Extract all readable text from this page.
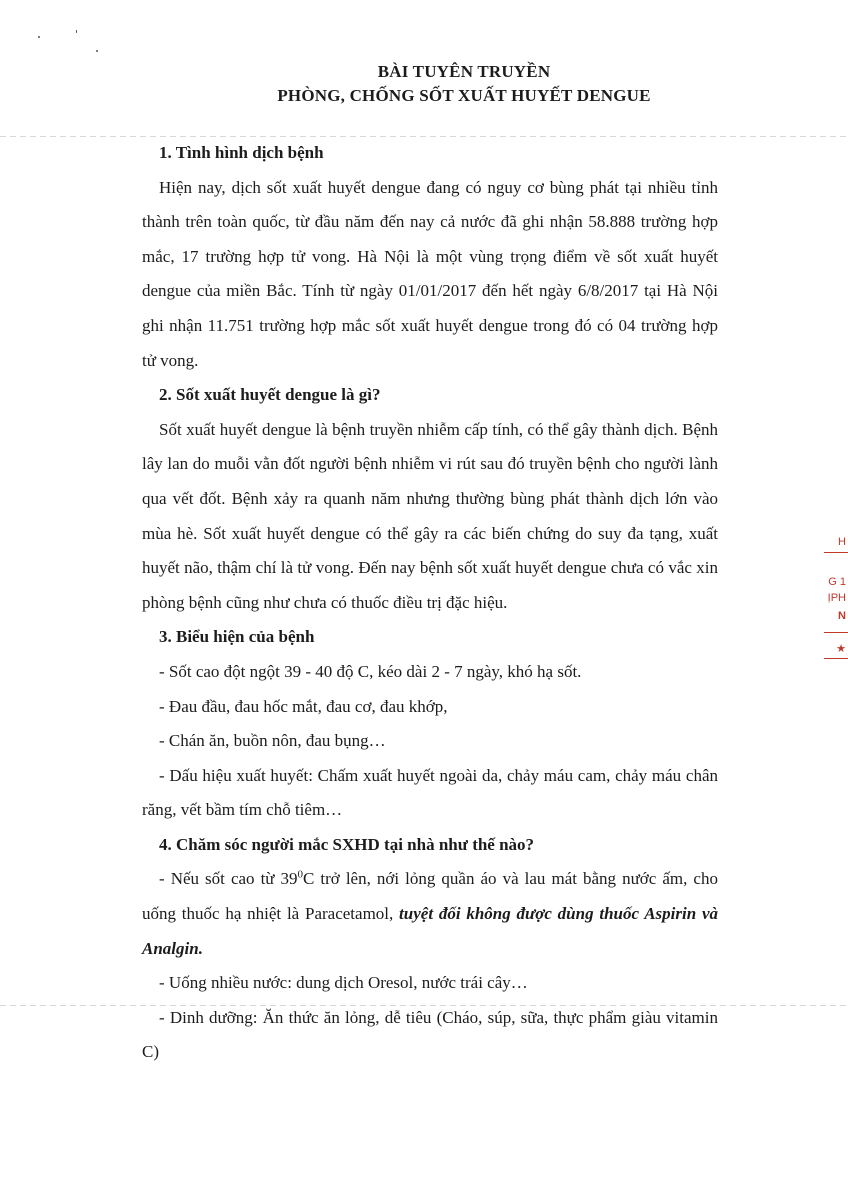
BÀI TUYÊN TRUYỀN
PHÒNG, CHỐNG SỐT XUẤT HUYẾT DENGUE
1. Tình hình dịch bệnh

Hiện nay, dịch sốt xuất huyết dengue đang có nguy cơ bùng phát tại nhiều tỉnh thành trên toàn quốc, từ đầu năm đến nay cả nước đã ghi nhận 58.888 trường hợp mắc, 17 trường hợp tử vong. Hà Nội là một vùng trọng điểm về sốt xuất huyết dengue của miền Bắc. Tính từ ngày 01/01/2017 đến hết ngày 6/8/2017 tại Hà Nội ghi nhận 11.751 trường hợp mắc sốt xuất huyết dengue trong đó có 04 trường hợp tử vong.

2. Sốt xuất huyết dengue là gì?

Sốt xuất huyết dengue là bệnh truyền nhiễm cấp tính, có thể gây thành dịch. Bệnh lây lan do muỗi vằn đốt người bệnh nhiễm vi rút sau đó truyền bệnh cho người lành qua vết đốt. Bệnh xảy ra quanh năm nhưng thường bùng phát thành dịch lớn vào mùa hè. Sốt xuất huyết dengue có thể gây ra các biến chứng do suy đa tạng, xuất huyết não, thậm chí là tử vong. Đến nay bệnh sốt xuất huyết dengue chưa có vắc xin phòng bệnh cũng như chưa có thuốc điều trị đặc hiệu.

3. Biểu hiện của bệnh

- Sốt cao đột ngột 39 - 40 độ C, kéo dài 2 - 7 ngày, khó hạ sốt.

- Đau đầu, đau hốc mắt, đau cơ, đau khớp,

- Chán ăn, buồn nôn, đau bụng…

- Dấu hiệu xuất huyết: Chấm xuất huyết ngoài da, chảy máu cam, chảy máu chân răng, vết bầm tím chỗ tiêm…

4. Chăm sóc người mắc SXHD tại nhà như thế nào?

- Nếu sốt cao từ $39^0C$ trở lên, nới lỏng quần áo và lau mát bằng nước ấm, cho uống thuốc hạ nhiệt là Paracetamol, tuyệt đối không được dùng thuốc Aspirin và Analgin.

- Uống nhiều nước: dung dịch Oresol, nước trái cây…

- Dinh dưỡng: Ăn thức ăn lỏng, dễ tiêu (Cháo, súp, sữa, thực phẩm giàu vitamin C)

H
G 1
ỊPH
N
★
